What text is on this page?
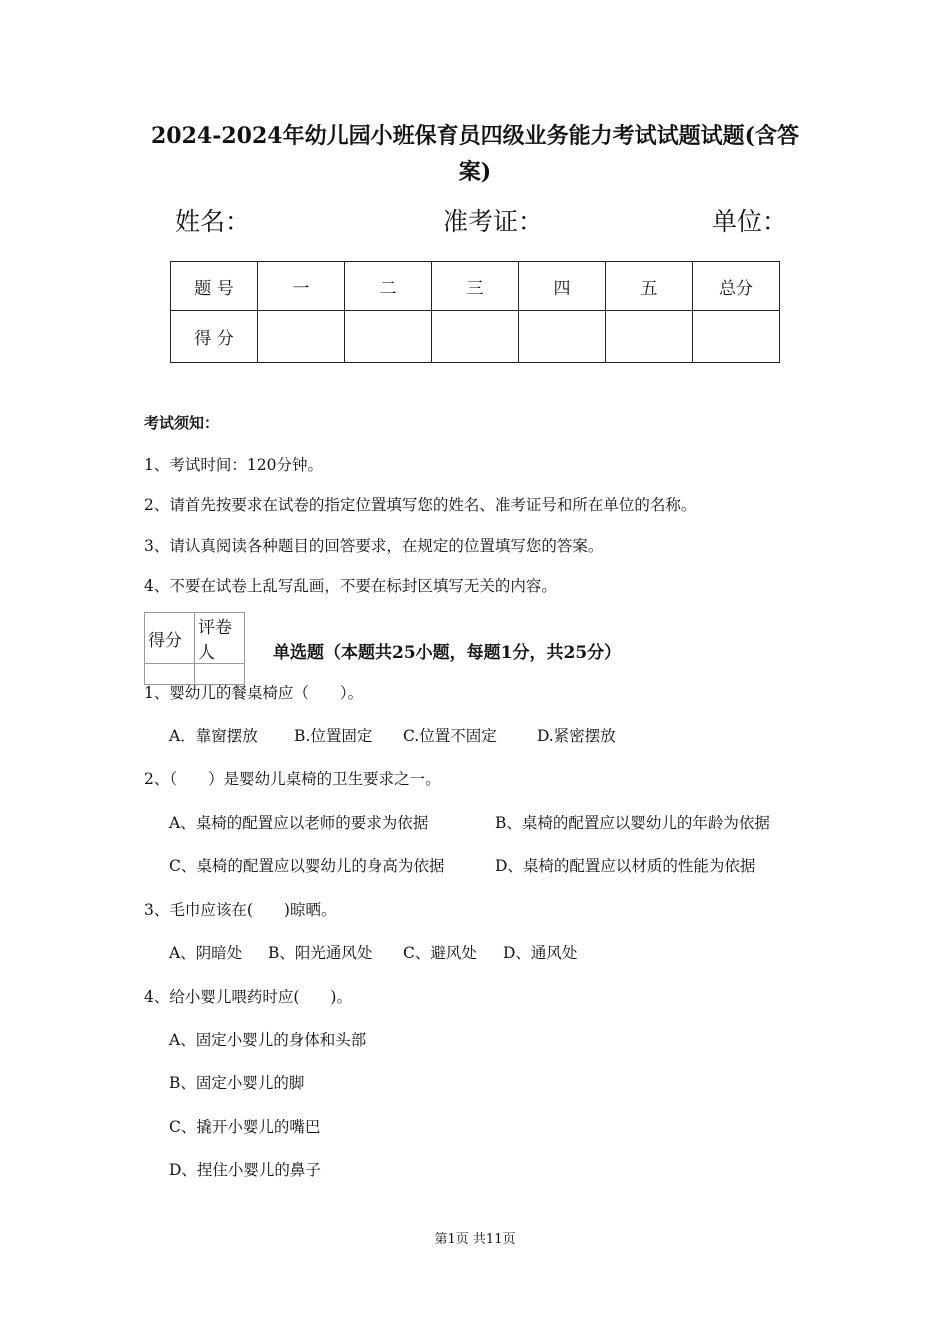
2024-2024年幼儿园小班保育员四级业务能力考试试题试题(含答
案)
姓名：	准考证：	单位：
题 号	一	二	三	四	五	总分
得 分						
考试须知：
1、考试时间：120分钟。
2、请首先按要求在试卷的指定位置填写您的姓名、准考证号和所在单位的名称。
3、请认真阅读各种题目的回答要求，在规定的位置填写您的答案。
4、不要在试卷上乱写乱画，不要在标封区填写无关的内容。
得分	评卷人
		单选题（本题共25小题，每题1分，共25分）
1、婴幼儿的餐桌椅应（　　）。
A．靠窗摆放 B.位置固定 C.位置不固定	D.紧密摆放
2、（　　）是婴幼儿桌椅的卫生要求之一。
A、桌椅的配置应以老师的要求为依据	B、桌椅的配置应以婴幼儿的年龄为依据
C、桌椅的配置应以婴幼儿的身高为依据	D、桌椅的配置应以材质的性能为依据
3、毛巾应该在(　　)晾晒。
A、阴暗处 B、阳光通风处 C、避风处 D、通风处
4、给小婴儿喂药时应(　　)。
A、固定小婴儿的身体和头部
B、固定小婴儿的脚
C、撬开小婴儿的嘴巴
D、捏住小婴儿的鼻子
第1页 共11页
